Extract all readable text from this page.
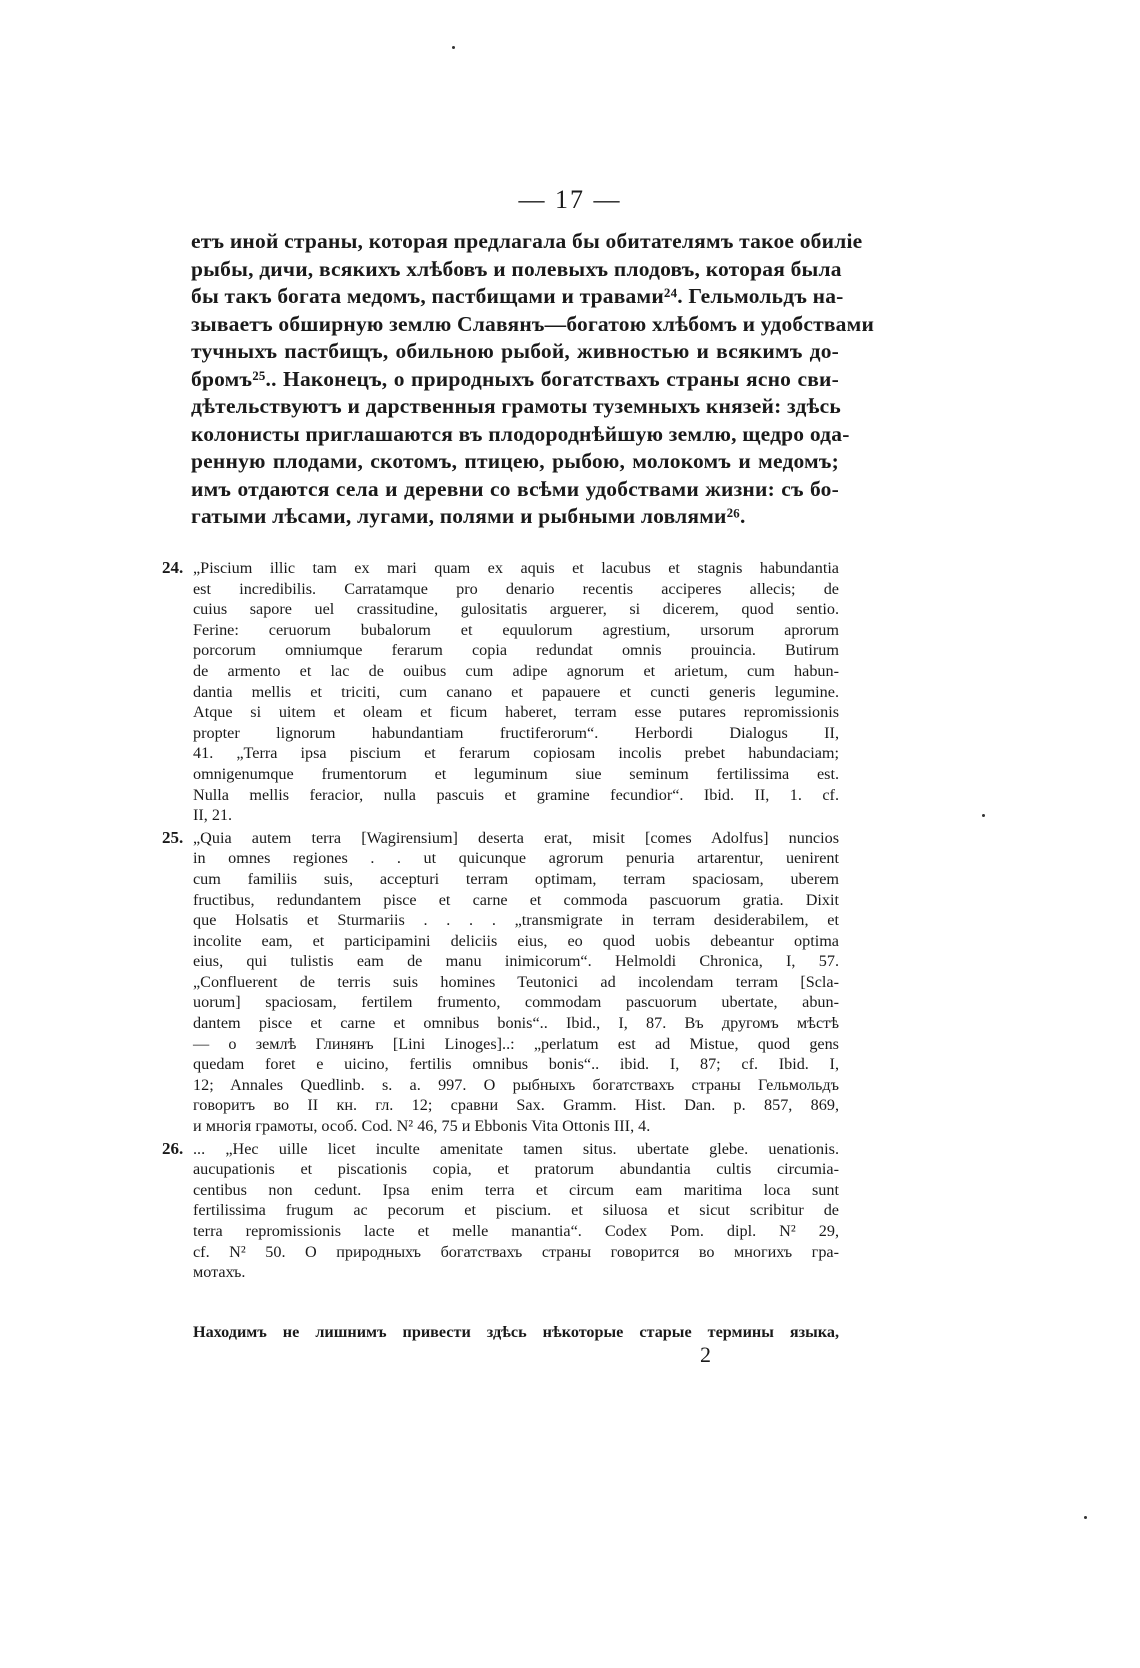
— 17 —
етъ иной страны, которая предлагала бы обитателямъ такое обиліе
рыбы, дичи, всякихъ хлѣбовъ и полевыхъ плодовъ, которая была
бы такъ богата медомъ, пастбищами и травами²⁴. Гельмольдъ на-
зываетъ обширную землю Славянъ—богатою хлѣбомъ и удобствами
тучныхъ пастбищъ, обильною рыбой, живностью и всякимъ до-
бромъ²⁵.. Наконецъ, о природныхъ богатствахъ страны ясно сви-
дѣтельствуютъ и дарственныя грамоты туземныхъ князей: здѣсь
колонисты приглашаются въ плодороднѣйшую землю, щедро ода-
ренную плодами, скотомъ, птицею, рыбою, молокомъ и медомъ;
имъ отдаются села и деревни со всѣми удобствами жизни: съ бо-
гатыми лѣсами, лугами, полями и рыбными ловлями²⁶.
24. „Piscium illic tam ex mari quam ex aquis et lacubus et stagnis habundantia
est incredibilis. Carratamque pro denario recentis acciperes allecis; de
cuius sapore uel crassitudine, gulositatis arguerer, si dicerem, quod sentio.
Ferine: ceruorum bubalorum et equulorum agrestium, ursorum aprorum
porcorum omniumque ferarum copia redundat omnis prouincia. Butirum
de armento et lac de ouibus cum adipe agnorum et arietum, cum habun-
dantia mellis et triciti, cum canano et papauere et cuncti generis legumine.
Atque si uitem et oleam et ficum haberet, terram esse putares repromissionis
propter lignorum habundantiam fructiferorum“. Herbordi Dialogus II,
41. „Terra ipsa piscium et ferarum copiosam incolis prebet habundaciam;
omnigenumque frumentorum et leguminum siue seminum fertilissima est.
Nulla mellis feracior, nulla pascuis et gramine fecundior“. Ibid. II, 1. cf.
II, 21.
25. „Quia autem terra [Wagirensium] deserta erat, misit [comes Adolfus] nuncios
in omnes regiones . . ut quicunque agrorum penuria artarentur, uenirent
cum familiis suis, accepturi terram optimam, terram spaciosam, uberem
fructibus, redundantem pisce et carne et commoda pascuorum gratia. Dixit
que Holsatis et Sturmariis . . . . „transmigrate in terram desiderabilem, et
incolite eam, et participamini deliciis eius, eo quod uobis debeantur optima
eius, qui tulistis eam de manu inimicorum“. Helmoldi Chronica, I, 57.
„Confluerent de terris suis homines Teutonici ad incolendam terram [Scla-
uorum] spaciosam, fertilem frumento, commodam pascuorum ubertate, abun-
dantem pisce et carne et omnibus bonis“.. Ibid., I, 87. Въ другомъ мѣстѣ
— о землѣ Глинянъ [Lini Linoges]..: „perlatum est ad Mistue, quod gens
quedam foret e uicino, fertilis omnibus bonis“.. ibid. I, 87; cf. Ibid. I,
12; Annales Quedlinb. s. a. 997. О рыбныхъ богатствахъ страны Гельмольдъ
говоритъ во II кн. гл. 12; сравни Sax. Gramm. Hist. Dan. p. 857, 869,
и многія грамоты, особ. Cod. N² 46, 75 и Ebbonis Vita Ottonis III, 4.
26. ... „Hec uille licet inculte amenitate tamen situs. ubertate glebe. uenationis.
aucupationis et piscationis copia, et pratorum abundantia cultis circumia-
centibus non cedunt. Ipsa enim terra et circum eam maritima loca sunt
fertilissima frugum ac pecorum et piscium. et siluosa et sicut scribitur de
terra repromissionis lacte et melle manantia“. Codex Pom. dipl. N² 29,
cf. N² 50. О природныхъ богатствахъ страны говорится во многихъ гра-
мотахъ.
Находимъ не лишнимъ привести здѣсь нѣкоторые старые термины языка,
2
